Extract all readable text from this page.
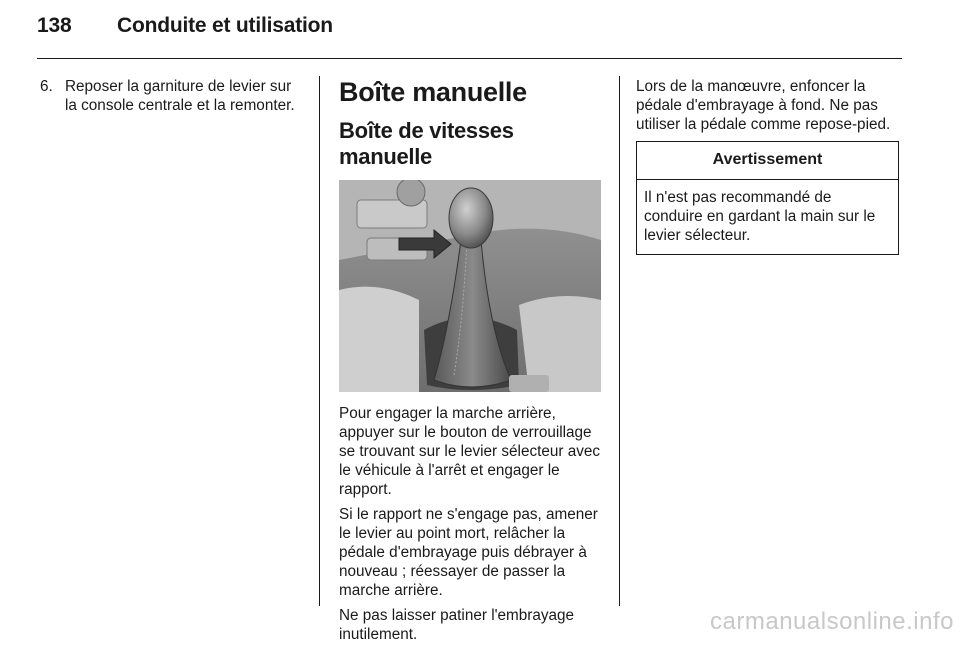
138 Conduite et utilisation
6. Reposer la garniture de levier sur la console centrale et la remonter.	Boîte manuelle
Boîte de vitesses manuelle

Pour engager la marche arrière, appuyer sur le bouton de verrouillage se trouvant sur le levier sélecteur avec le véhicule à l'arrêt et engager le rapport.

Si le rapport ne s'engage pas, amener le levier au point mort, relâcher la pédale d'embrayage puis débrayer à nouveau ; réessayer de passer la marche arrière.

Ne pas laisser patiner l'embrayage inutilement.

Lors de la manœuvre, enfoncer la pédale d'embrayage à fond. Ne pas utiliser la pédale comme repose-pied.

Avertissement
Il n'est pas recommandé de conduire en gardant la main sur le levier sélecteur.
carmanualsonline.info
